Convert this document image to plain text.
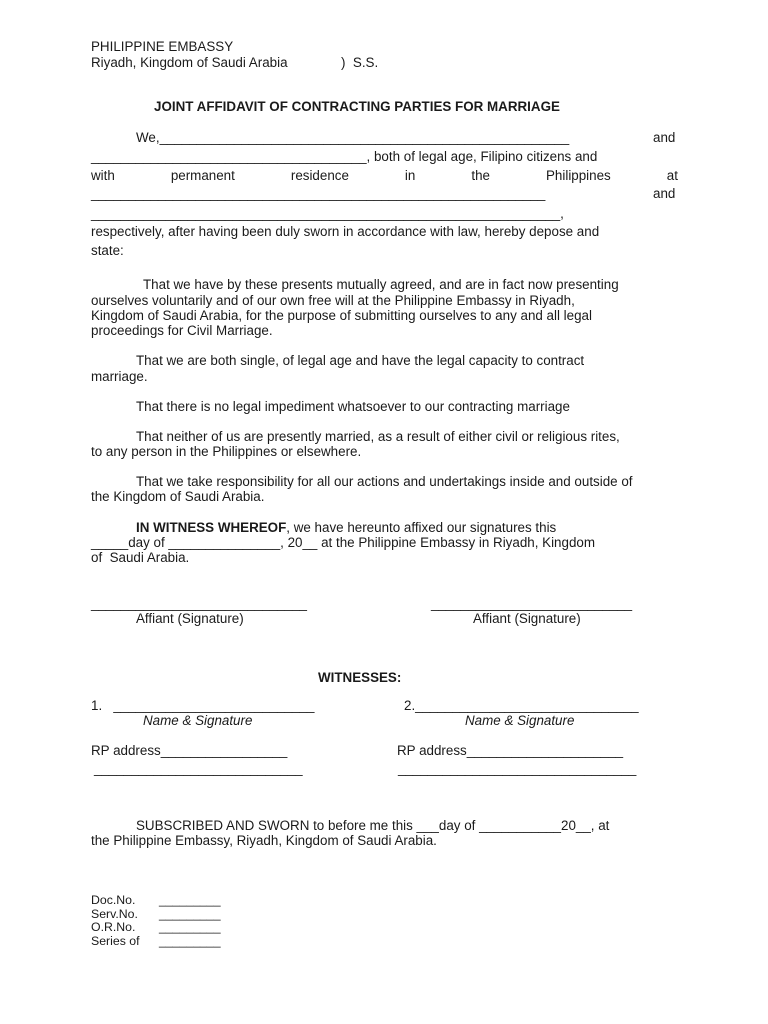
PHILIPPINE EMBASSY
Riyadh, Kingdom of Saudi Arabia	)  S.S.
JOINT AFFIDAVIT OF CONTRACTING PARTIES FOR MARRIAGE
We,_______________________________________________________	and
_____________________________________, both of legal age, Filipino citizens and
with	permanent	residence	in	the	Philippines	at
_____________________________________________________________	and
_______________________________________________________________,
respectively, after having been duly sworn in accordance with law, hereby depose and
state:
That we have by these presents mutually agreed, and are in fact now presenting
ourselves voluntarily and of our own free will at the Philippine Embassy in Riyadh,
Kingdom of Saudi Arabia, for the purpose of submitting ourselves to any and all legal
proceedings for Civil Marriage.
That we are both single, of legal age and have the legal capacity to contract
marriage.
That there is no legal impediment whatsoever to our contracting marriage
That neither of us are presently married, as a result of either civil or religious rites,
to any person in the Philippines or elsewhere.
That we take responsibility for all our actions and undertakings inside and outside of
the Kingdom of Saudi Arabia.
IN WITNESS WHEREOF, we have hereunto affixed our signatures this
_____day of _______________, 20__ at the Philippine Embassy in Riyadh, Kingdom
of  Saudi Arabia.
_____________________________	___________________________
Affiant (Signature)	Affiant (Signature)
WITNESSES:
1.   ___________________________	2.______________________________
Name & Signature	Name & Signature
RP address_________________	RP address_____________________
____________________________	________________________________
SUBSCRIBED AND SWORN to before me this ___day of ___________20__, at
the Philippine Embassy, Riyadh, Kingdom of Saudi Arabia.
Doc.No. _________
Serv.No. _________
O.R.No. _________
Series of _________
